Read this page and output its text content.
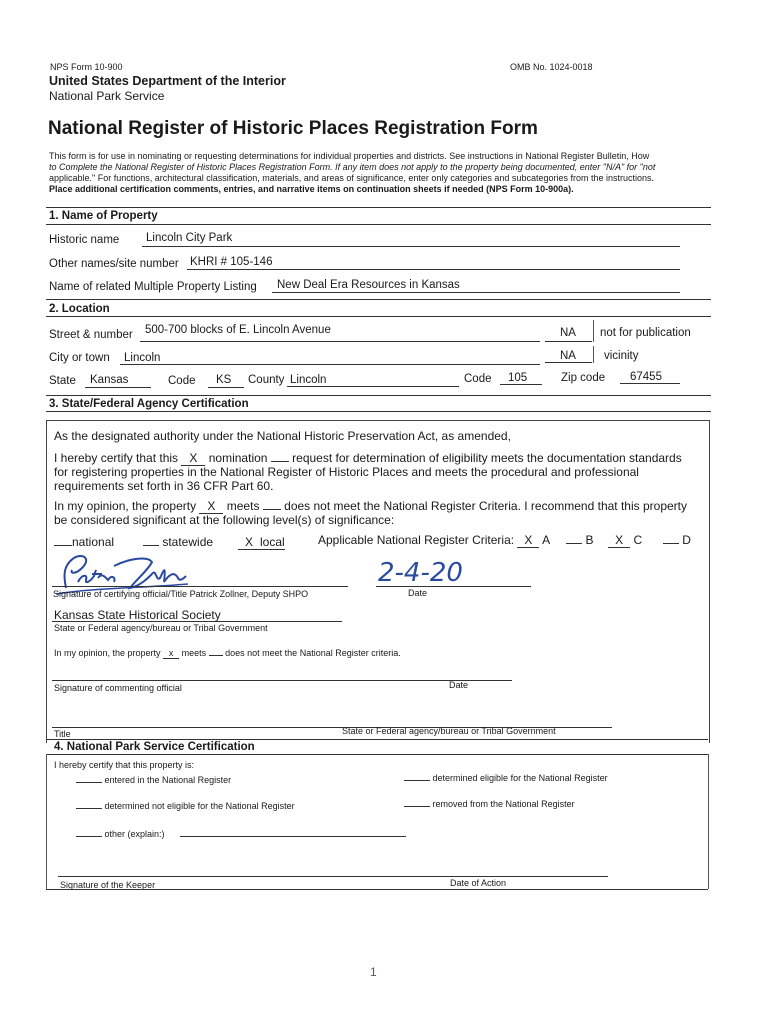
NPS Form 10-900	OMB No. 1024-0018
United States Department of the Interior
National Park Service
National Register of Historic Places Registration Form
This form is for use in nominating or requesting determinations for individual properties and districts. See instructions in National Register Bulletin, How
to Complete the National Register of Historic Places Registration Form. If any item does not apply to the property being documented, enter "N/A" for "not
applicable." For functions, architectural classification, materials, and areas of significance, enter only categories and subcategories from the instructions.
Place additional certification comments, entries, and narrative items on continuation sheets if needed (NPS Form 10-900a).
1. Name of Property
Historic name Lincoln City Park
Other names/site number KHRI # 105-146
Name of related Multiple Property Listing New Deal Era Resources in Kansas
2. Location
Street & number 500-700 blocks of E. Lincoln Avenue	NA not for publication
City or town Lincoln	NA vicinity
State Kansas	Code KS County Lincoln	Code 105	Zip code 67455
3. State/Federal Agency Certification
As the designated authority under the National Historic Preservation Act, as amended,
I hereby certify that this X nomination request for determination of eligibility meets the documentation standards
for registering properties in the National Register of Historic Places and meets the procedural and professional
requirements set forth in 36 CFR Part 60.
In my opinion, the property X meets does not meet the National Register Criteria. I recommend that this property
be considered significant at the following level(s) of significance:
national	statewide	X local	Applicable National Register Criteria: X A	B X C	D
2-4-20
Signature of certifying official/Title Patrick Zollner, Deputy SHPO	Date
Kansas State Historical Society
State or Federal agency/bureau or Tribal Government
In my opinion, the property x meets does not meet the National Register criteria.
Signature of commenting official	Date
Title	State or Federal agency/bureau or Tribal Government
4. National Park Service Certification
I hereby certify that this property is:
entered in the National Register	determined eligible for the National Register
determined not eligible for the National Register	removed from the National Register
other (explain:)
Signature of the Keeper	Date of Action
1
